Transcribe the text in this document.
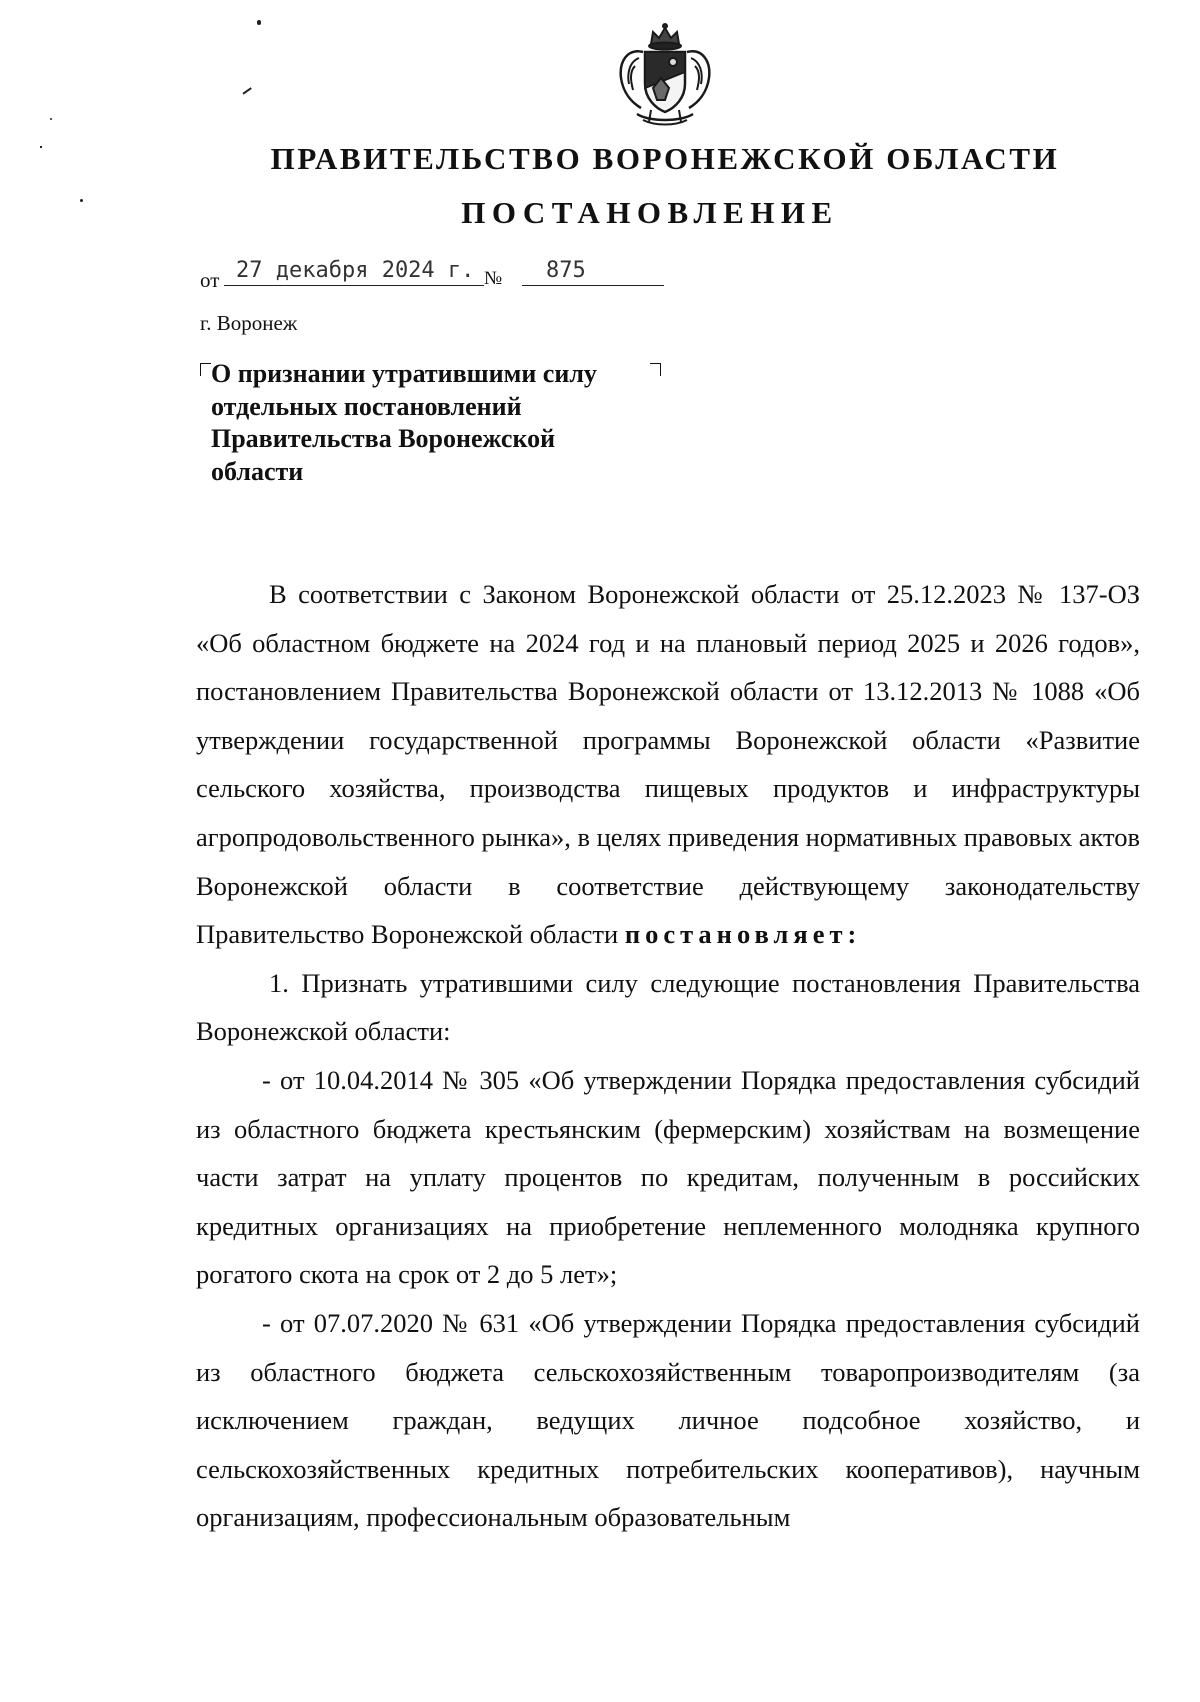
ПРАВИТЕЛЬСТВО ВОРОНЕЖСКОЙ ОБЛАСТИ
ПОСТАНОВЛЕНИЕ
от 27 декабря 2024 г. №	875
г. Воронеж
О признании утратившими силу отдельных постановлений Правительства Воронежской области

В соответствии с Законом Воронежской области от 25.12.2023 № 137-ОЗ «Об областном бюджете на 2024 год и на плановый период 2025 и 2026 годов», постановлением Правительства Воронежской области от 13.12.2013 № 1088 «Об утверждении государственной программы Воронежской области «Развитие сельского хозяйства, производства пищевых продуктов и инфраструктуры агропродовольственного рынка», в целях приведения нормативных правовых актов Воронежской области в соответствие действующему законодательству Правительство Воронежской области постановляет:

1. Признать утратившими силу следующие постановления Правительства Воронежской области:

- от 10.04.2014 № 305 «Об утверждении Порядка предоставления субсидий из областного бюджета крестьянским (фермерским) хозяйствам на возмещение части затрат на уплату процентов по кредитам, полученным в российских кредитных организациях на приобретение неплеменного молодняка крупного рогатого скота на срок от 2 до 5 лет»;

- от 07.07.2020 № 631 «Об утверждении Порядка предоставления субсидий из областного бюджета сельскохозяйственным товаропроизводителям (за исключением граждан, ведущих личное подсобное хозяйство, и сельскохозяйственных кредитных потребительских кооперативов), научным организациям, профессиональным образовательным
